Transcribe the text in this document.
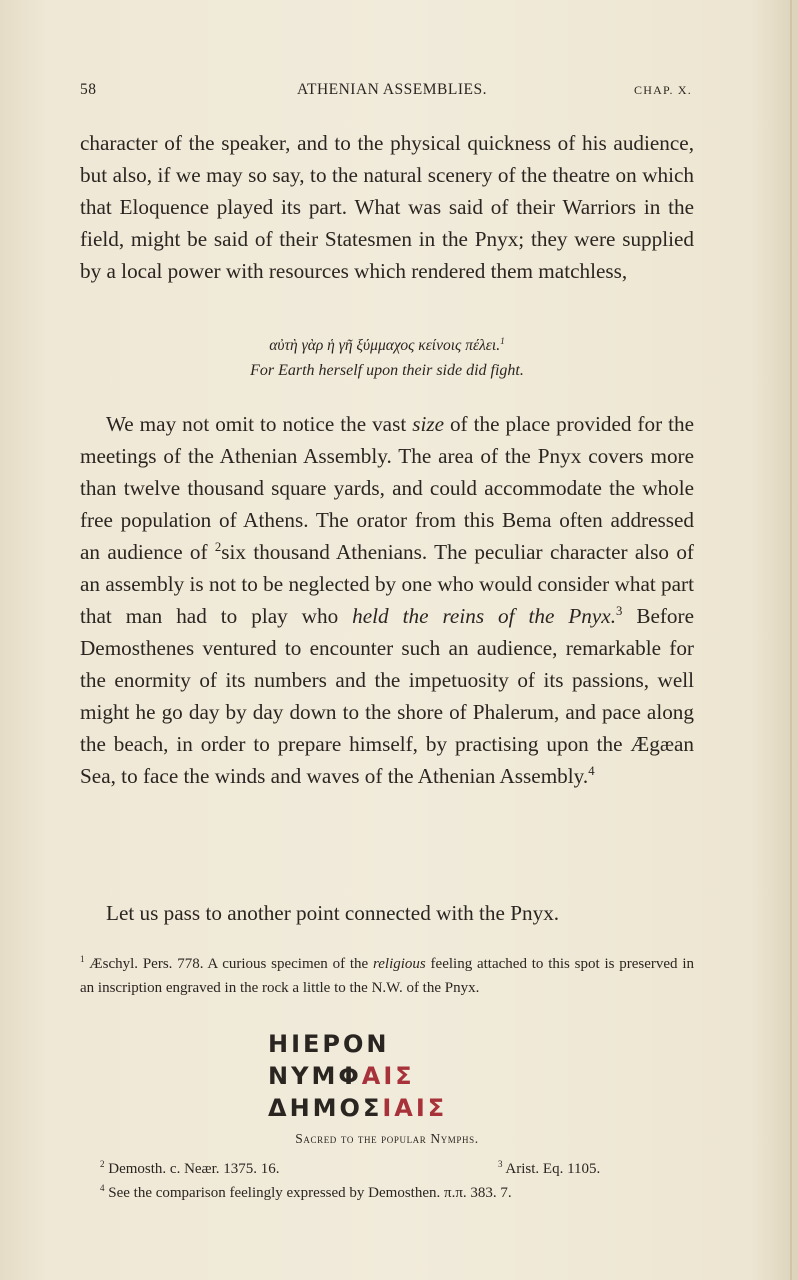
58	ATHENIAN ASSEMBLIES.	CHAP. X.
character of the speaker, and to the physical quickness of his audience, but also, if we may so say, to the natural scenery of the theatre on which that Eloquence played its part. What was said of their Warriors in the field, might be said of their Statesmen in the Pnyx; they were supplied by a local power with resources which rendered them matchless,
αὐτὴ γὰρ ἡ γῆ ξύμμαχος κείνοις πέλει.$^1$
For Earth herself upon their side did fight.

We may not omit to notice the vast size of the place provided for the meetings of the Athenian Assembly. The area of the Pnyx covers more than twelve thousand square yards, and could accommodate the whole free population of Athens. The orator from this Bema often addressed an audience of $^2$six thousand Athenians. The peculiar character also of an assembly is not to be neglected by one who would consider what part that man had to play who held the reins of the Pnyx.$^3$ Before Demosthenes ventured to encounter such an audience, remarkable for the enormity of its numbers and the impetuosity of its passions, well might he go day by day down to the shore of Phalerum, and pace along the beach, in order to prepare himself, by practising upon the Ægæan Sea, to face the winds and waves of the Athenian Assembly.$^4$

Let us pass to another point connected with the Pnyx.

$^1$ Æschyl. Pers. 778. A curious specimen of the religious feeling attached to this spot is preserved in an inscription engraved in the rock a little to the N.W. of the Pnyx.

ΗΙΕΡΟΝ
ΝΥΜΦΑΙΣ
ΔΗΜΟΣΙΑΙΣ
Sacred to the popular Nymphs.
$^2$ Demosth. c. Neær. 1375. 16.	$^3$ Arist. Eq. 1105.
$^4$ See the comparison feelingly expressed by Demosthen. π.π. 383. 7.
